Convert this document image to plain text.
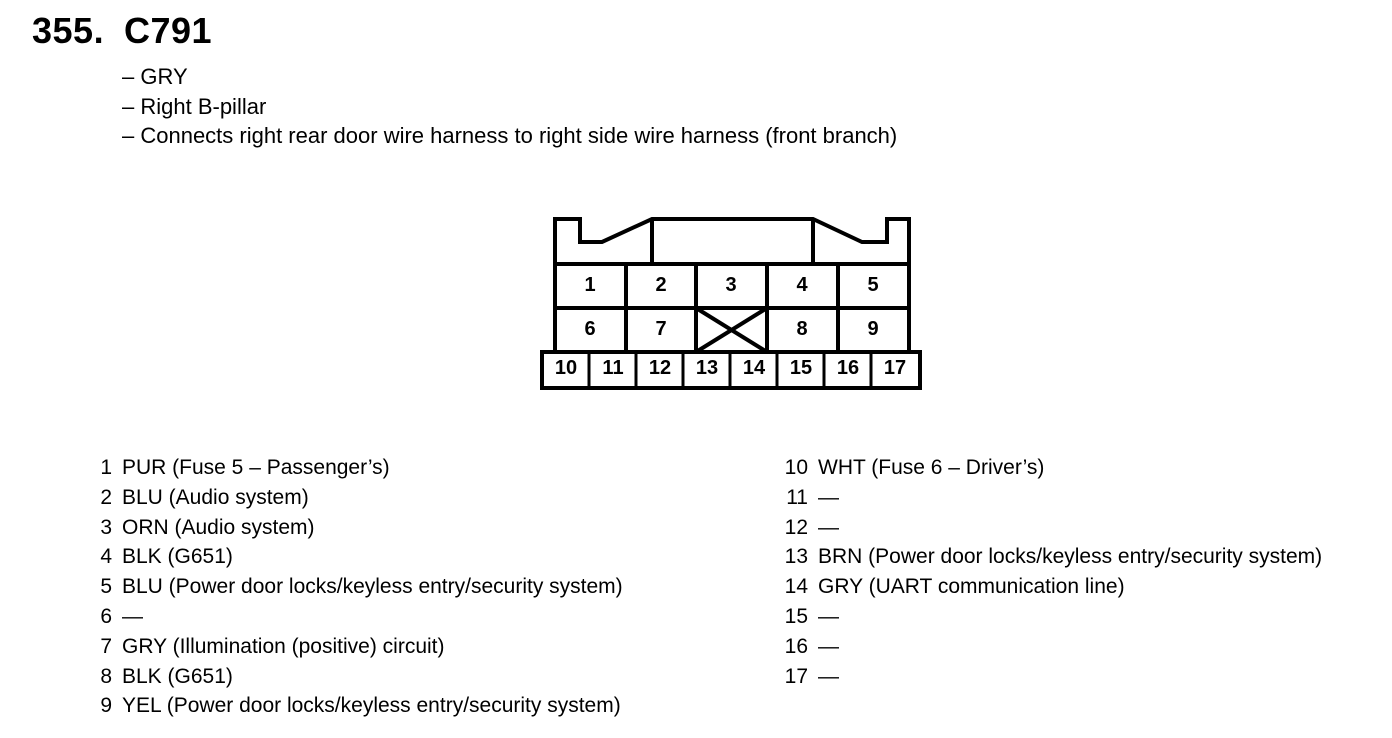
355. C791
– GRY
– Right B-pillar
– Connects right rear door wire harness to right side wire harness (front branch)
1	2	3	4	5
6	7	8	9
10 11 12 13 14 15 16 17
1 PUR (Fuse 5 – Passenger’s)
2 BLU (Audio system)
3 ORN (Audio system)
4 BLK (G651)
5 BLU (Power door locks/keyless entry/security system)
6 —
7 GRY (Illumination (positive) circuit)
8 BLK (G651)
9 YEL (Power door locks/keyless entry/security system)
10 WHT (Fuse 6 – Driver’s)
11 —
12 —
13 BRN (Power door locks/keyless entry/security system)
14 GRY (UART communication line)
15 —
16 —
17 —
